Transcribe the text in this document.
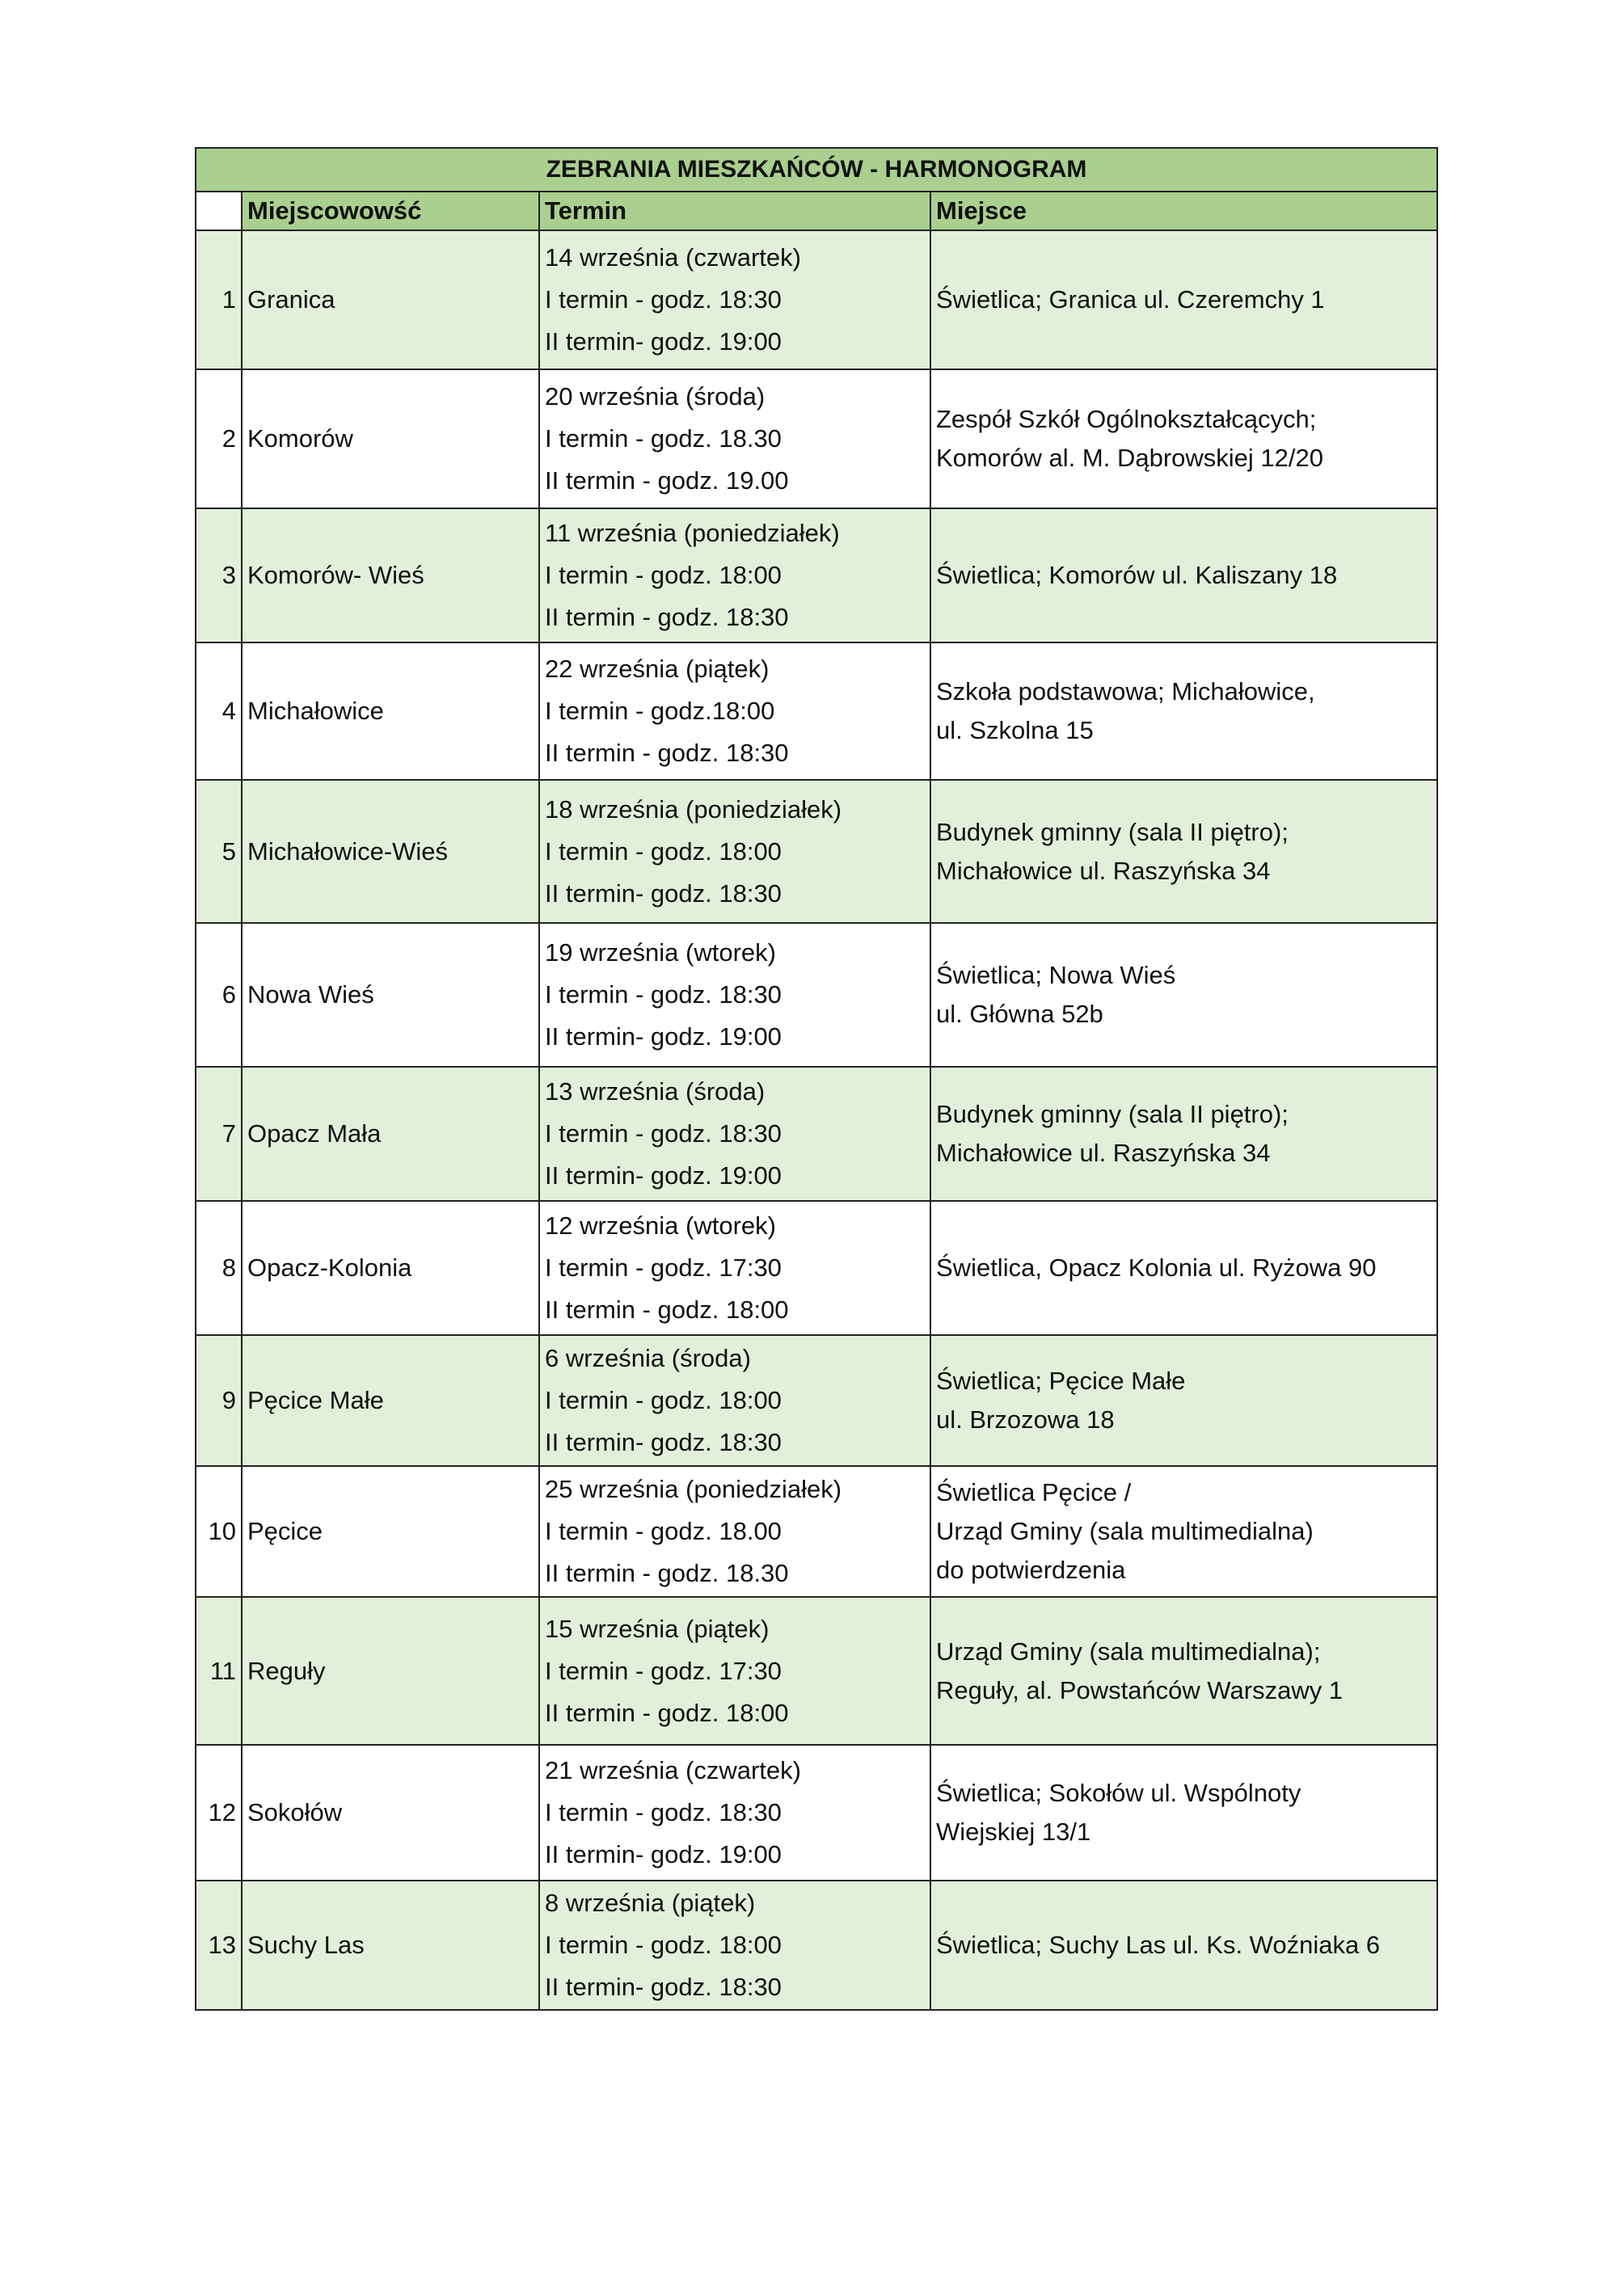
ZEBRANIA MIESZKAŃCÓW - HARMONOGRAM			
	Miejscowowść	Termin	Miejsce
1	Granica	14 września (czwartek)
I termin - godz. 18:30
II termin- godz. 19:00	Świetlica; Granica ul. Czeremchy 1

2	Komorów	20 września (środa)
I termin - godz. 18.30
II termin - godz. 19.00	Zespół Szkół Ogólnokształcących;
Komorów al. M. Dąbrowskiej 12/20

3	Komorów- Wieś	11 września (poniedziałek)
I termin - godz. 18:00
II termin - godz. 18:30	Świetlica; Komorów ul. Kaliszany 18

4	Michałowice	22 września (piątek)
I termin - godz.18:00
II termin - godz. 18:30	Szkoła podstawowa; Michałowice,
ul. Szkolna 15

5	Michałowice-Wieś	18 września (poniedziałek)
I termin - godz. 18:00
II termin- godz. 18:30	Budynek gminny (sala II piętro);
Michałowice ul. Raszyńska 34

6	Nowa Wieś	19 września (wtorek)
I termin - godz. 18:30
II termin- godz. 19:00	Świetlica; Nowa Wieś
ul. Główna 52b

7	Opacz Mała	13 września (środa)
I termin - godz. 18:30
II termin- godz. 19:00	Budynek gminny (sala II piętro);
Michałowice ul. Raszyńska 34

8	Opacz-Kolonia	12 września (wtorek)
I termin - godz. 17:30
II termin - godz. 18:00	Świetlica, Opacz Kolonia ul. Ryżowa 90

9	Pęcice Małe	6 września (środa)
I termin - godz. 18:00
II termin- godz. 18:30	Świetlica; Pęcice Małe
ul. Brzozowa 18

10	Pęcice	25 września (poniedziałek)
I termin - godz. 18.00
II termin - godz. 18.30	Świetlica Pęcice /
Urząd Gminy (sala multimedialna)
do potwierdzenia

11	Reguły	15 września (piątek)
I termin - godz. 17:30
II termin - godz. 18:00	Urząd Gminy (sala multimedialna);
Reguły, al. Powstańców Warszawy 1

12	Sokołów	21 września (czwartek)
I termin - godz. 18:30
II termin- godz. 19:00	Świetlica; Sokołów ul. Wspólnoty
Wiejskiej 13/1

13	Suchy Las	8 września (piątek)
I termin - godz. 18:00
II termin- godz. 18:30	Świetlica; Suchy Las ul. Ks. Woźniaka 6
